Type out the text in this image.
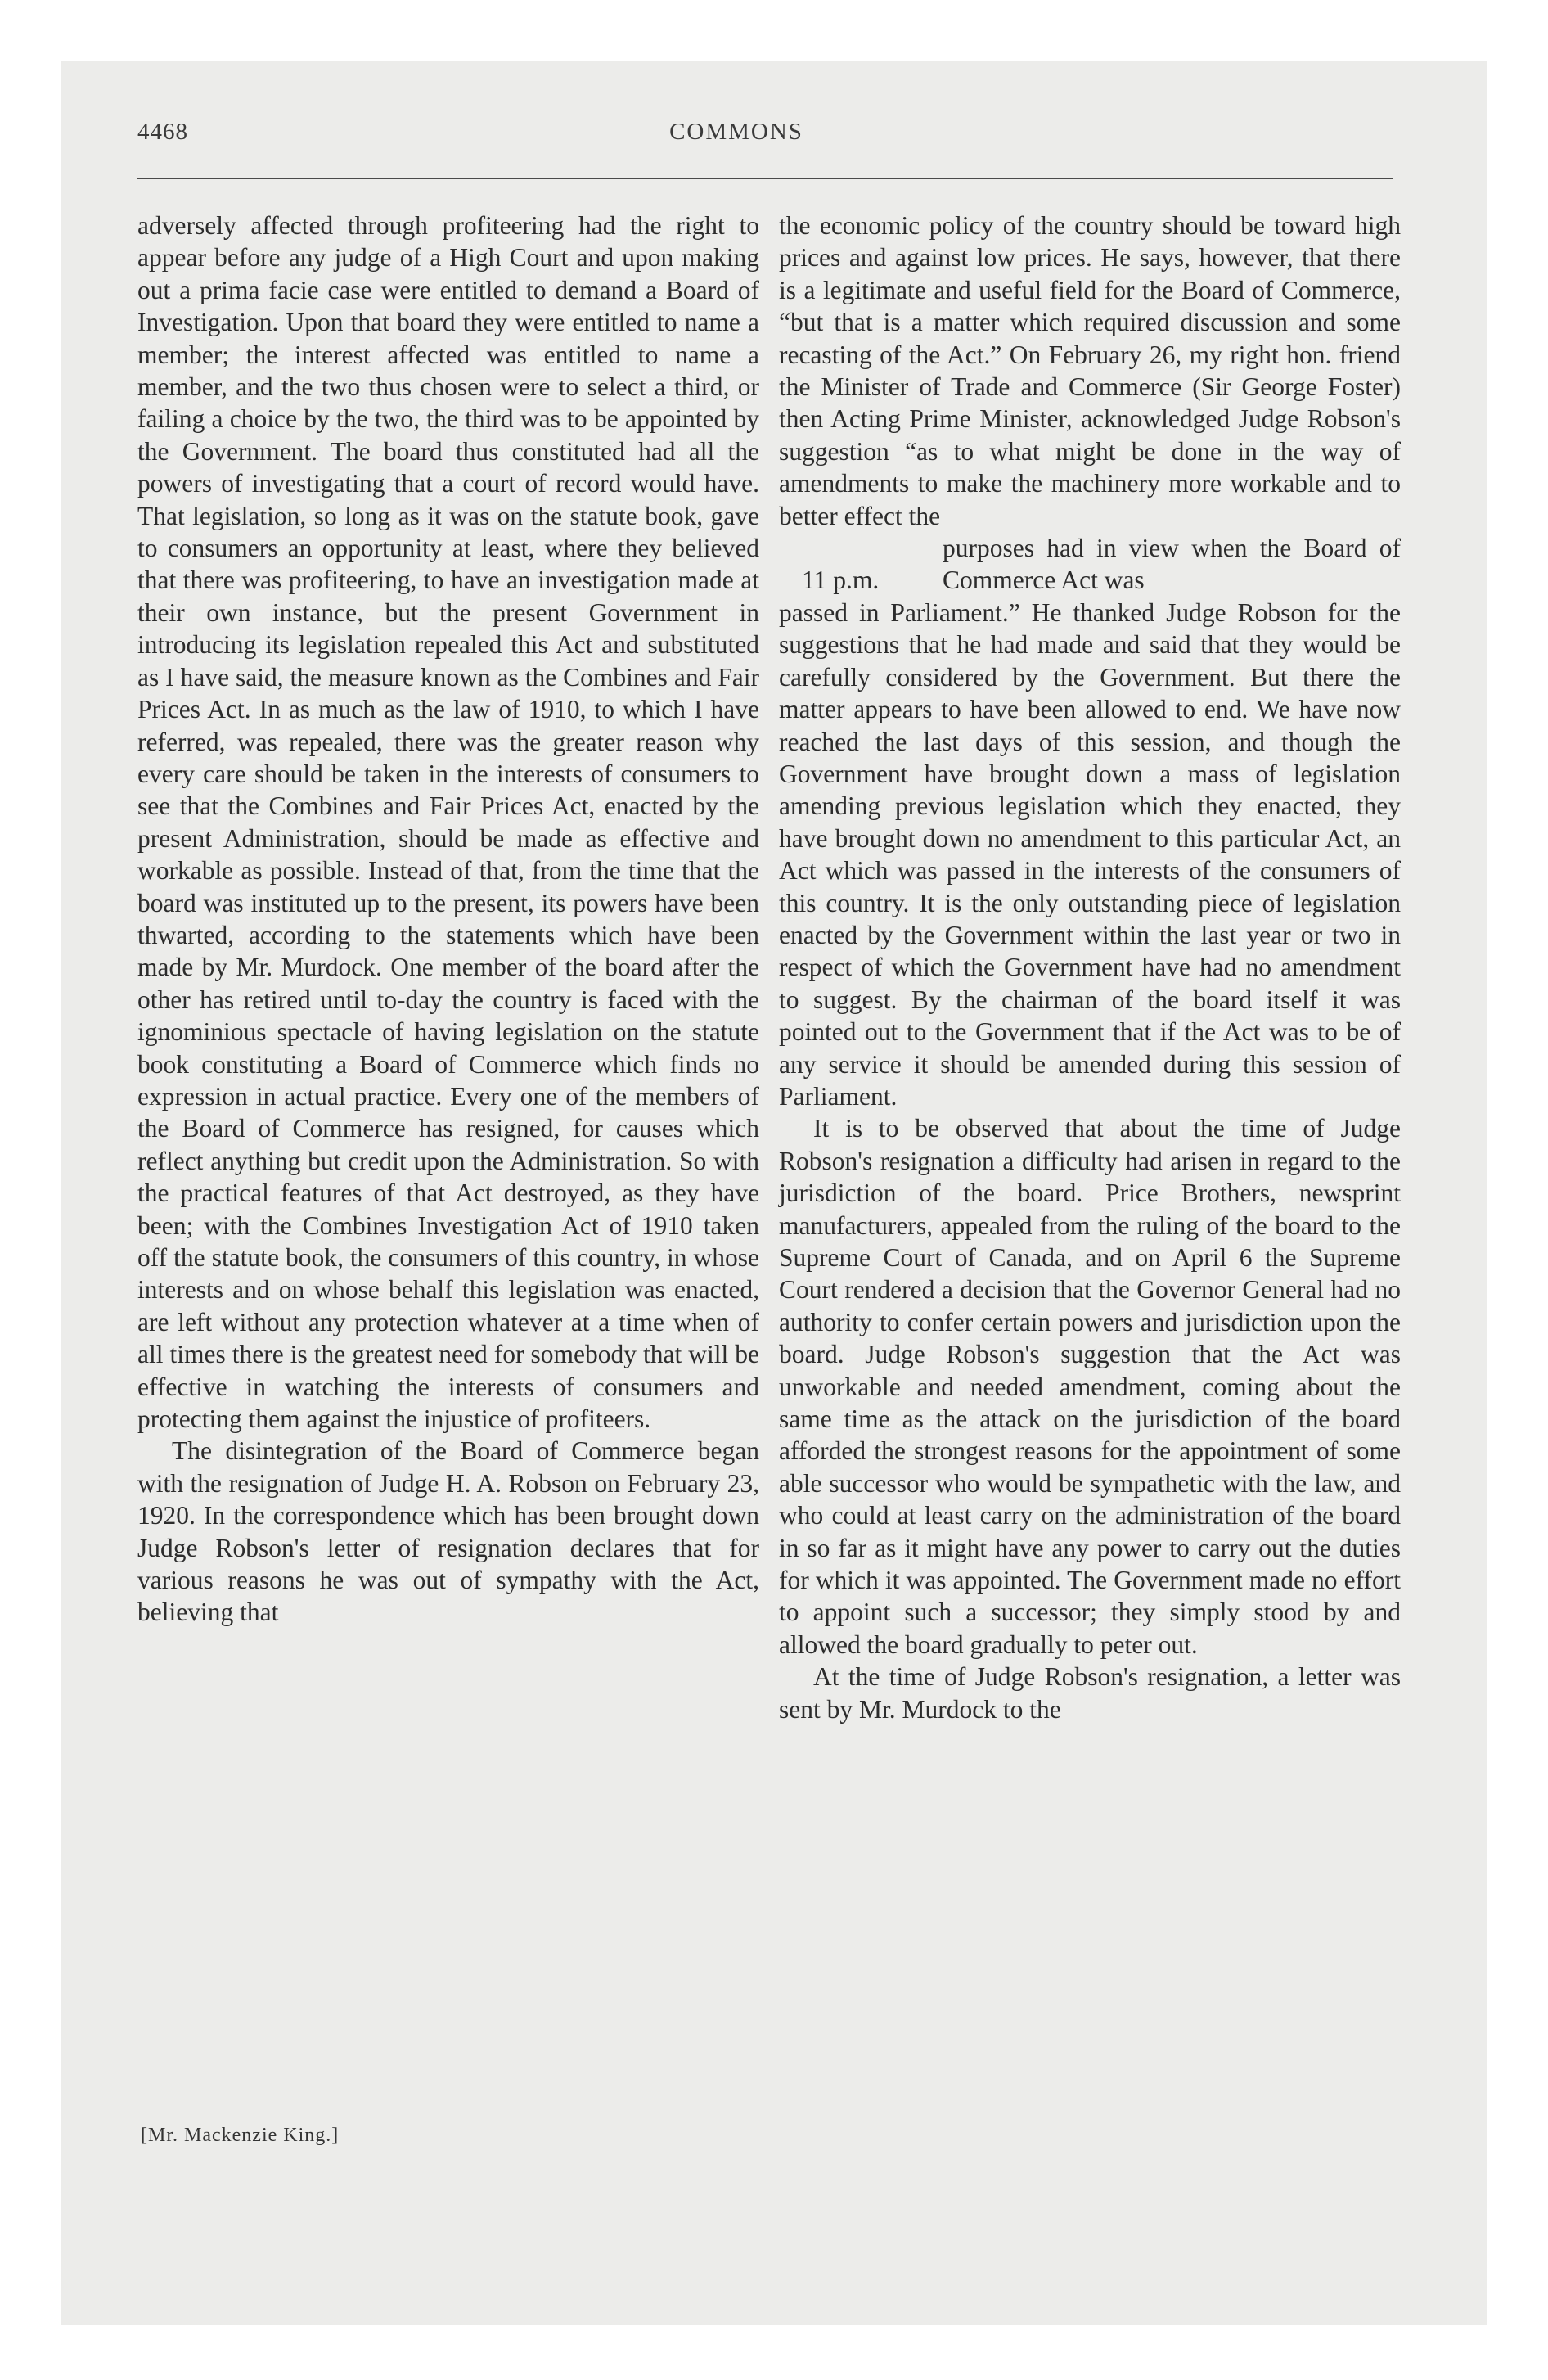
4468	COMMONS

adversely affected through profiteering had the right to appear before any judge of a High Court and upon making out a prima facie case were entitled to demand a Board of Investigation. Upon that board they were entitled to name a member; the interest affected was entitled to name a member, and the two thus chosen were to select a third, or failing a choice by the two, the third was to be appointed by the Government. The board thus constituted had all the powers of investigating that a court of record would have. That legislation, so long as it was on the statute book, gave to consumers an opportunity at least, where they believed that there was profiteering, to have an investigation made at their own instance, but the present Government in introducing its legislation repealed this Act and substituted as I have said, the measure known as the Combines and Fair Prices Act. In as much as the law of 1910, to which I have referred, was repealed, there was the greater reason why every care should be taken in the interests of consumers to see that the Combines and Fair Prices Act, enacted by the present Administration, should be made as effective and workable as possible. Instead of that, from the time that the board was instituted up to the present, its powers have been thwarted, according to the statements which have been made by Mr. Murdock. One member of the board after the other has retired until to-day the country is faced with the ignominious spectacle of having legislation on the statute book constituting a Board of Commerce which finds no expression in actual practice. Every one of the members of the Board of Commerce has resigned, for causes which reflect anything but credit upon the Administration. So with the practical features of that Act destroyed, as they have been; with the Combines Investigation Act of 1910 taken off the statute book, the consumers of this country, in whose interests and on whose behalf this legislation was enacted, are left without any protection whatever at a time when of all times there is the greatest need for somebody that will be effective in watching the interests of consumers and protecting them against the injustice of profiteers.

The disintegration of the Board of Commerce began with the resignation of Judge H. A. Robson on February 23, 1920. In the correspondence which has been brought down Judge Robson's letter of resignation declares that for various reasons he was out of sympathy with the Act, believing that

[Mr. Mackenzie King.]

the economic policy of the country should be toward high prices and against low prices. He says, however, that there is a legitimate and useful field for the Board of Commerce, “but that is a matter which required discussion and some recasting of the Act.” On February 26, my right hon. friend the Minister of Trade and Commerce (Sir George Foster) then Acting Prime Minister, acknowledged Judge Robson's suggestion “as to what might be done in the way of amendments to make the machinery more workable and to better effect the

11 p.m.

purposes had in view when the Board of Commerce Act was

passed in Parliament.” He thanked Judge Robson for the suggestions that he had made and said that they would be carefully considered by the Government. But there the matter appears to have been allowed to end. We have now reached the last days of this session, and though the Government have brought down a mass of legislation amending previous legislation which they enacted, they have brought down no amendment to this particular Act, an Act which was passed in the interests of the consumers of this country. It is the only outstanding piece of legislation enacted by the Government within the last year or two in respect of which the Government have had no amendment to suggest. By the chairman of the board itself it was pointed out to the Government that if the Act was to be of any service it should be amended during this session of Parliament.

It is to be observed that about the time of Judge Robson's resignation a difficulty had arisen in regard to the jurisdiction of the board. Price Brothers, newsprint manufacturers, appealed from the ruling of the board to the Supreme Court of Canada, and on April 6 the Supreme Court rendered a decision that the Governor General had no authority to confer certain powers and jurisdiction upon the board. Judge Robson's suggestion that the Act was unworkable and needed amendment, coming about the same time as the attack on the jurisdiction of the board afforded the strongest reasons for the appointment of some able successor who would be sympathetic with the law, and who could at least carry on the administration of the board in so far as it might have any power to carry out the duties for which it was appointed. The Government made no effort to appoint such a successor; they simply stood by and allowed the board gradually to peter out.

At the time of Judge Robson's resignation, a letter was sent by Mr. Murdock to the
